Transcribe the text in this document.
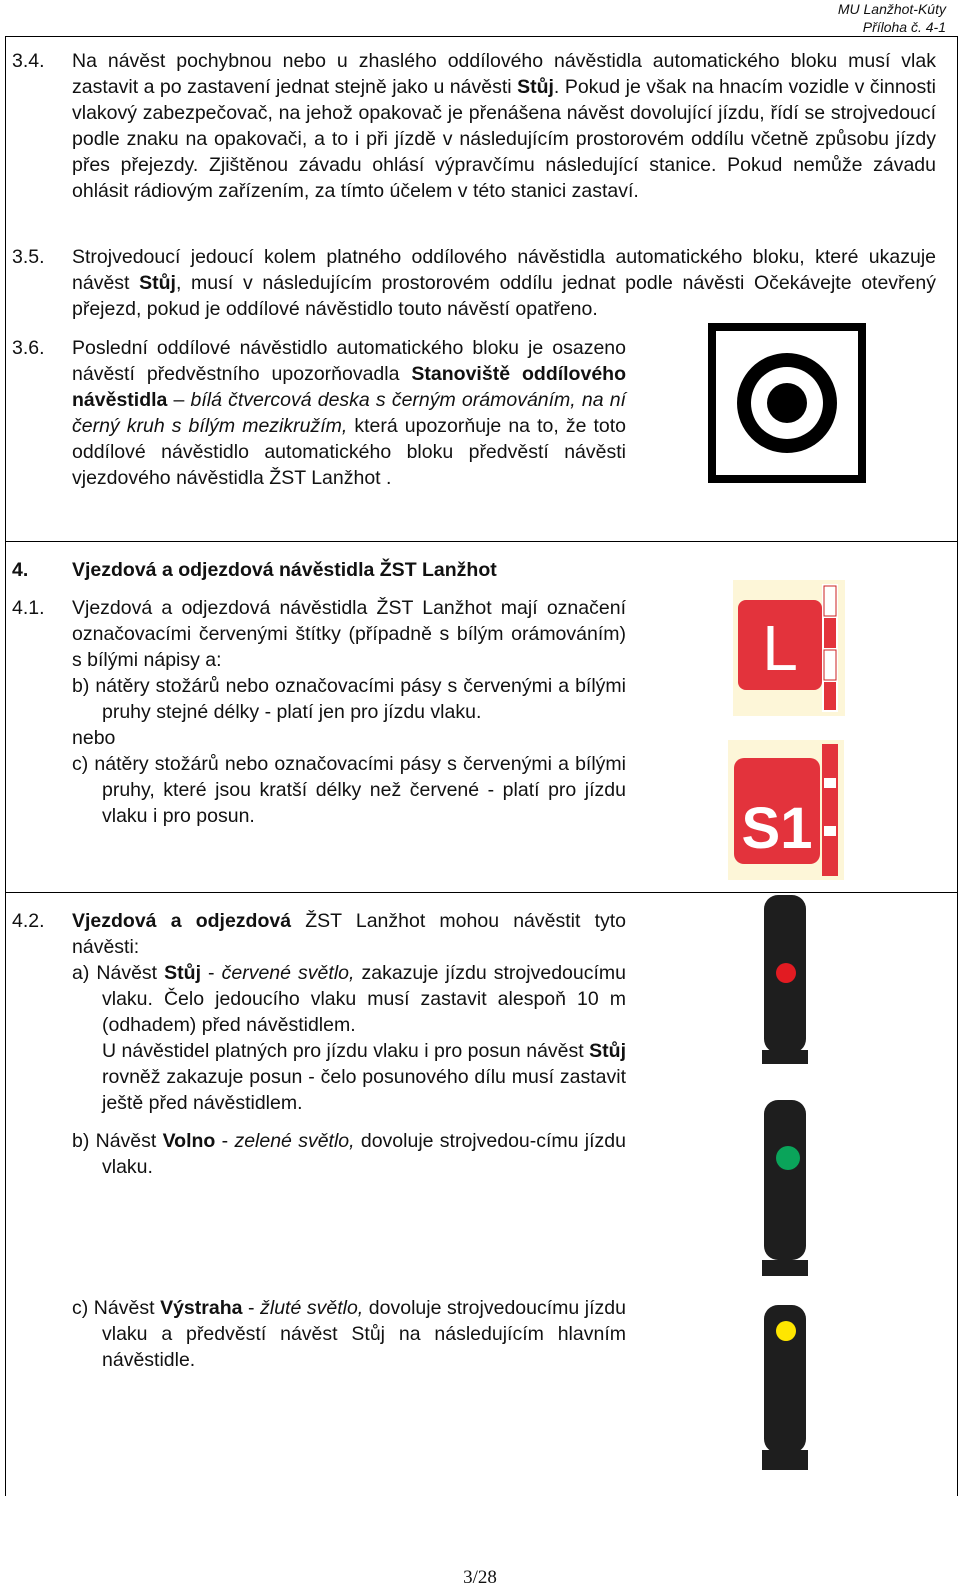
MU Lanžhot-Kúty
Příloha č. 4-1
3.4. Na návěst pochybnou nebo u zhaslého oddílového návěstidla automatického bloku musí vlak zastavit a po zastavení jednat stejně jako u návěsti Stůj. Pokud je však na hnacím vozidle v činnosti vlakový zabezpečovač, na jehož opakovač je přenášena návěst dovolující jízdu, řídí se strojvedoucí podle znaku na opakovači, a to i při jízdě v následujícím prostorovém oddílu včetně způsobu jízdy přes přejezdy. Zjištěnou závadu ohlásí výpravčímu následující stanice. Pokud nemůže závadu ohlásit rádiovým zařízením, za tímto účelem v této stanici zastaví.
3.5. Strojvedoucí jedoucí kolem platného oddílového návěstidla automatického bloku, které ukazuje návěst Stůj, musí v následujícím prostorovém oddílu jednat podle návěsti Očekávejte otevřený přejezd, pokud je oddílové návěstidlo touto návěstí opatřeno.
3.6. Poslední oddílové návěstidlo automatického bloku je osazeno návěstí předvěstního upozorňovadla Stanoviště oddílového návěstidla – bílá čtvercová deska s černým orámováním, na ní černý kruh s bílým mezikružím, která upozorňuje na to, že toto oddílové návěstidlo automatického bloku předvěstí návěsti vjezdového návěstidla ŽST Lanžhot .
4. Vjezdová a odjezdová návěstidla ŽST Lanžhot
4.1. Vjezdová a odjezdová návěstidla ŽST Lanžhot mají označení označovacími červenými štítky (případně s bílým orámováním) s bílými nápisy a:

b) nátěry stožárů nebo označovacími pásy s červenými a bílými pruhy stejné délky - platí jen pro jízdu vlaku.

nebo

c) nátěry stožárů nebo označovacími pásy s červenými a bílými pruhy, které jsou kratší délky než červené - platí pro jízdu vlaku i pro posun.

L
S1
4.2. Vjezdová a odjezdová ŽST Lanžhot mohou návěstit tyto návěsti:

a) Návěst Stůj - červené světlo, zakazuje jízdu strojvedoucímu vlaku. Čelo jedoucího vlaku musí zastavit alespoň 10 m (odhadem) před návěstidlem.

U návěstidel platných pro jízdu vlaku i pro posun návěst Stůj rovněž zakazuje posun - čelo posunového dílu musí zastavit ještě před návěstidlem.

b) Návěst Volno - zelené světlo, dovoluje strojvedou-címu jízdu vlaku.

c) Návěst Výstraha - žluté světlo, dovoluje strojvedoucímu jízdu vlaku a předvěstí návěst Stůj na následujícím hlavním návěstidle.

3/28
